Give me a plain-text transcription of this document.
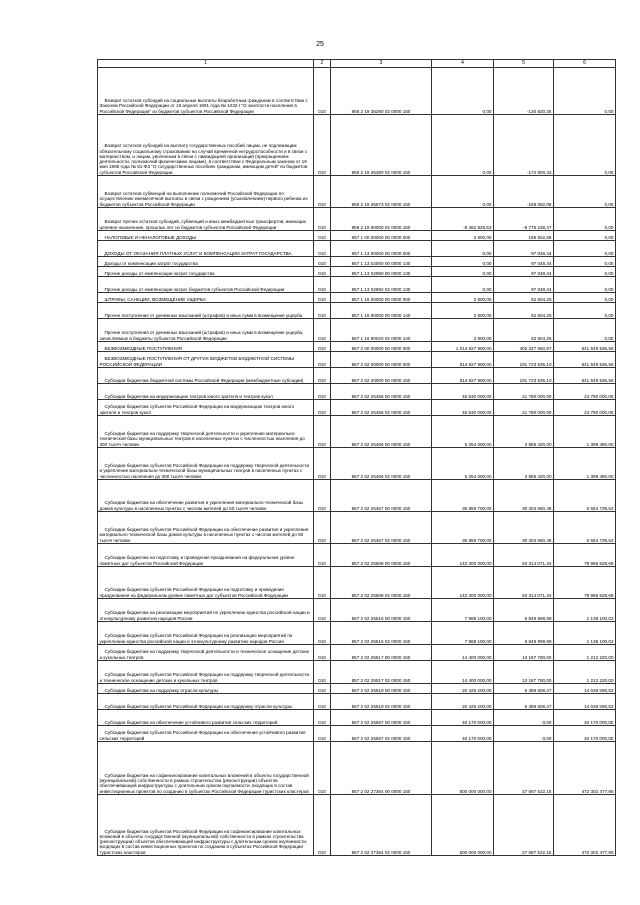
25
1	2	3	4	5	6
Возврат остатков субсидий на социальные выплаты безработным гражданам в соответствии с Законом Российской Федерации от 19 апреля 1991 года № 1032-I "О занятости населения в Российской Федерации" из бюджетов субъектов Российской Федерации	010	856 2 19 35290 02 0000 150	0,00	-130 820,25	0,00
Возврат остатков субсидий на выплату государственных пособий лицам, не подлежащим обязательному социальному страхованию на случай временной нетрудоспособности и в связи с материнством, и лицам, уволенным в связи с ликвидацией организаций (прекращением деятельности, полномочий физическими лицами), в соответствии с Федеральным законом от 19 мая 1995 года № 81-ФЗ "О государственных пособиях гражданам, имеющим детей" из бюджетов субъектов Российской Федерации	010	856 2 19 35380 02 0000 150	0,00	-172 800,43	0,00
Возврат остатков субвенций на выполнение полномочий Российской Федерации по осуществлению ежемесячной выплаты в связи с рождением (усыновлением) первого ребенка из бюджетов субъектов Российской Федерации	010	856 2 19 35573 02 0000 150	0,00	-159 062,06	0,00
Возврат прочих остатков субсидий, субвенций и иных межбюджетных трансфертов, имеющих целевое назначение, прошлых лет из бюджетов субъектов Российской Федерации	010	856 2 19 90000 02 0000 150	-8 362 828,53	-8 775 238,47	0,00
НАЛОГОВЫЕ И НЕНАЛОГОВЫЕ ДОХОДЫ	010	857 1 00 00000 00 0000 000	2 800,00	159 552,69	0,00
ДОХОДЫ ОТ ОКАЗАНИЯ ПЛАТНЫХ УСЛУГ И КОМПЕНСАЦИИ ЗАТРАТ ГОСУДАРСТВА	010	857 1 13 00000 00 0000 000	0,00	97 048,44	0,00
Доходы от компенсации затрат государства	010	857 1 13 02000 00 0000 130	0,00	97 048,44	0,00
Прочие доходы от компенсации затрат государства	010	857 1 13 02990 00 0000 130	0,00	97 048,44	0,00
Прочие доходы от компенсации затрат бюджетов субъектов Российской Федерации	010	857 1 13 02992 02 0000 130	0,00	97 048,44	0,00
ШТРАФЫ, САНКЦИИ, ВОЗМЕЩЕНИЕ УЩЕРБА	010	857 1 16 00000 00 0000 000	2 800,00	62 504,25	0,00
Прочее поступление от денежных взысканий (штрафов) и иных сумм в возмещение ущерба	010	857 1 16 90000 00 0000 140	2 800,00	62 504,25	0,00
Прочие поступления от денежных взысканий (штрафов) и иных сумм в возмещение ущерба, зачисляемые в бюджеты субъектов Российской Федерации	010	857 1 16 90020 02 0000 140	2 800,00	62 504,25	0,00
БЕЗВОЗМЕЗДНЫЕ ПОСТУПЛЕНИЯ	010	857 2 00 00000 00 0000 000	1 014 927 900,00	402 327 560,97	641 549 536,58
БЕЗВОЗМЕЗДНЫЕ ПОСТУПЛЕНИЯ ОТ ДРУГИХ БЮДЖЕТОВ БЮДЖЕТНОЙ СИСТЕМЫ РОССИЙСКОЙ ФЕДЕРАЦИИ	010	857 2 02 00000 00 0000 000	814 927 900,00	191 723 535,10	641 549 536,58
Субсидии бюджетам бюджетной системы Российской Федерации (межбюджетные субсидии)	010	857 2 02 20000 00 0000 150	814 927 900,00	191 723 535,10	641 549 536,58
Субсидии бюджетам на модернизацию театров юного зрителя и театров кукол	010	857 2 02 25456 00 0000 150	46 530 000,00	21 780 000,00	24 750 000,00
Субсидии бюджетам субъектов Российской Федерации на модернизацию театров юного зрителя и театров кукол	010	857 2 02 25456 02 0000 150	46 530 000,00	21 780 000,00	24 750 000,00
Субсидии бюджетам на поддержку творческой деятельности и укрепление материально-технической базы муниципальных театров в населенных пунктах с численностью населения до 300 тысяч человек	010	857 2 02 25466 00 0000 150	5 254 000,00	3 855 420,00	1 399 480,00
Субсидии бюджетам субъектов Российской Федерации на поддержку творческой деятельности и укрепление материально-технической базы муниципальных театров в населенных пунктах с численностью населения до 300 тысяч человек	010	857 2 02 25466 02 0000 150	5 254 000,00	3 855 420,00	1 399 480,00
Субсидии бюджетам на обеспечение развития и укрепления материально-технической базы домов культуры в населенных пунктах с числом жителей до 50 тысяч человек	010	857 2 02 25467 00 0000 150	36 859 700,00	30 304 960,48	6 554 739,52
Субсидии бюджетам субъектов Российской Федерации на обеспечение развития и укрепления материально-технической базы домов культуры в населенных пунктах с числом жителей до 50 тысяч человек	010	857 2 02 25467 02 0000 150	36 859 700,00	30 304 960,48	6 554 739,52
Субсидии бюджетам на подготовку и проведение празднования на федеральном уровне памятных дат субъектов Российской Федерации	010	857 2 02 25509 00 0000 150	143 300 000,00	63 314 071,34	79 985 928,66
Субсидии бюджетам субъектов Российской Федерации на подготовку и проведение празднования на федеральном уровне памятных дат субъектов Российской Федерации	010	857 2 02 25509 02 0000 150	143 300 000,00	63 314 071,34	79 985 928,66
Субсидии бюджетам на реализацию мероприятий по укреплению единства российской нации и этнокультурному развитию народов России	010	857 2 02 25516 00 0000 150	7 988 100,00	6 849 999,98	1 138 100,02
Субсидии бюджетам субъектов Российской Федерации на реализацию мероприятий по укреплению единства российской нации и этнокультурному развитию народов России	010	857 2 02 25516 02 0000 150	7 988 100,00	6 849 999,98	1 138 100,02
Субсидии бюджетам на поддержку творческой деятельности и техническое оснащение детских и кукольных театров	010	857 2 02 25517 00 0000 150	14 400 000,00	13 187 780,00	1 212 220,00
Субсидии бюджетам субъектов Российской Федерации на поддержку творческой деятельности и техническое оснащение детских и кукольных театров	010	857 2 02 25517 02 0000 150	14 400 000,00	13 187 780,00	1 212 220,00
Субсидии бюджетам на поддержку отрасли культуры	010	857 2 02 25519 00 0000 150	20 425 200,00	6 388 609,47	14 036 590,53
Субсидии бюджетам субъектов Российской Федерации на поддержку отрасли культуры	010	857 2 02 25519 02 0000 150	20 425 200,00	6 388 609,47	14 036 590,53
Субсидии бюджетам на обеспечение устойчивого развития сельских территорий	010	857 2 02 25567 00 0000 150	40 170 000,00	0,00	40 170 000,00
Субсидии бюджетам субъектов Российской Федерации на обеспечение устойчивого развития сельских территорий	010	857 2 02 25567 02 0000 150	40 170 000,00	0,00	40 170 000,00
Субсидии бюджетам на софинансирование капитальных вложений в объекты государственной (муниципальной) собственности в рамках строительства (реконструкции) объектов обеспечивающей инфраструктуры с длительным сроком окупаемости, входящих в состав инвестиционных проектов по созданию в субъектах Российской Федерации туристских кластеров	010	857 2 02 27384 00 0000 150	500 000 000,00	27 697 522,15	472 302 477,85
Субсидии бюджетам субъектов Российской Федерации на софинансирование капитальных вложений в объекты государственной (муниципальной) собственности в рамках строительства (реконструкции) объектов обеспечивающей инфраструктуры с длительным сроком окупаемости, входящих в состав инвестиционных проектов по созданию в субъектах Российской Федерации туристских кластеров	010	857 2 02 27384 02 0000 150	500 000 000,00	27 697 522,15	472 302 477,85
